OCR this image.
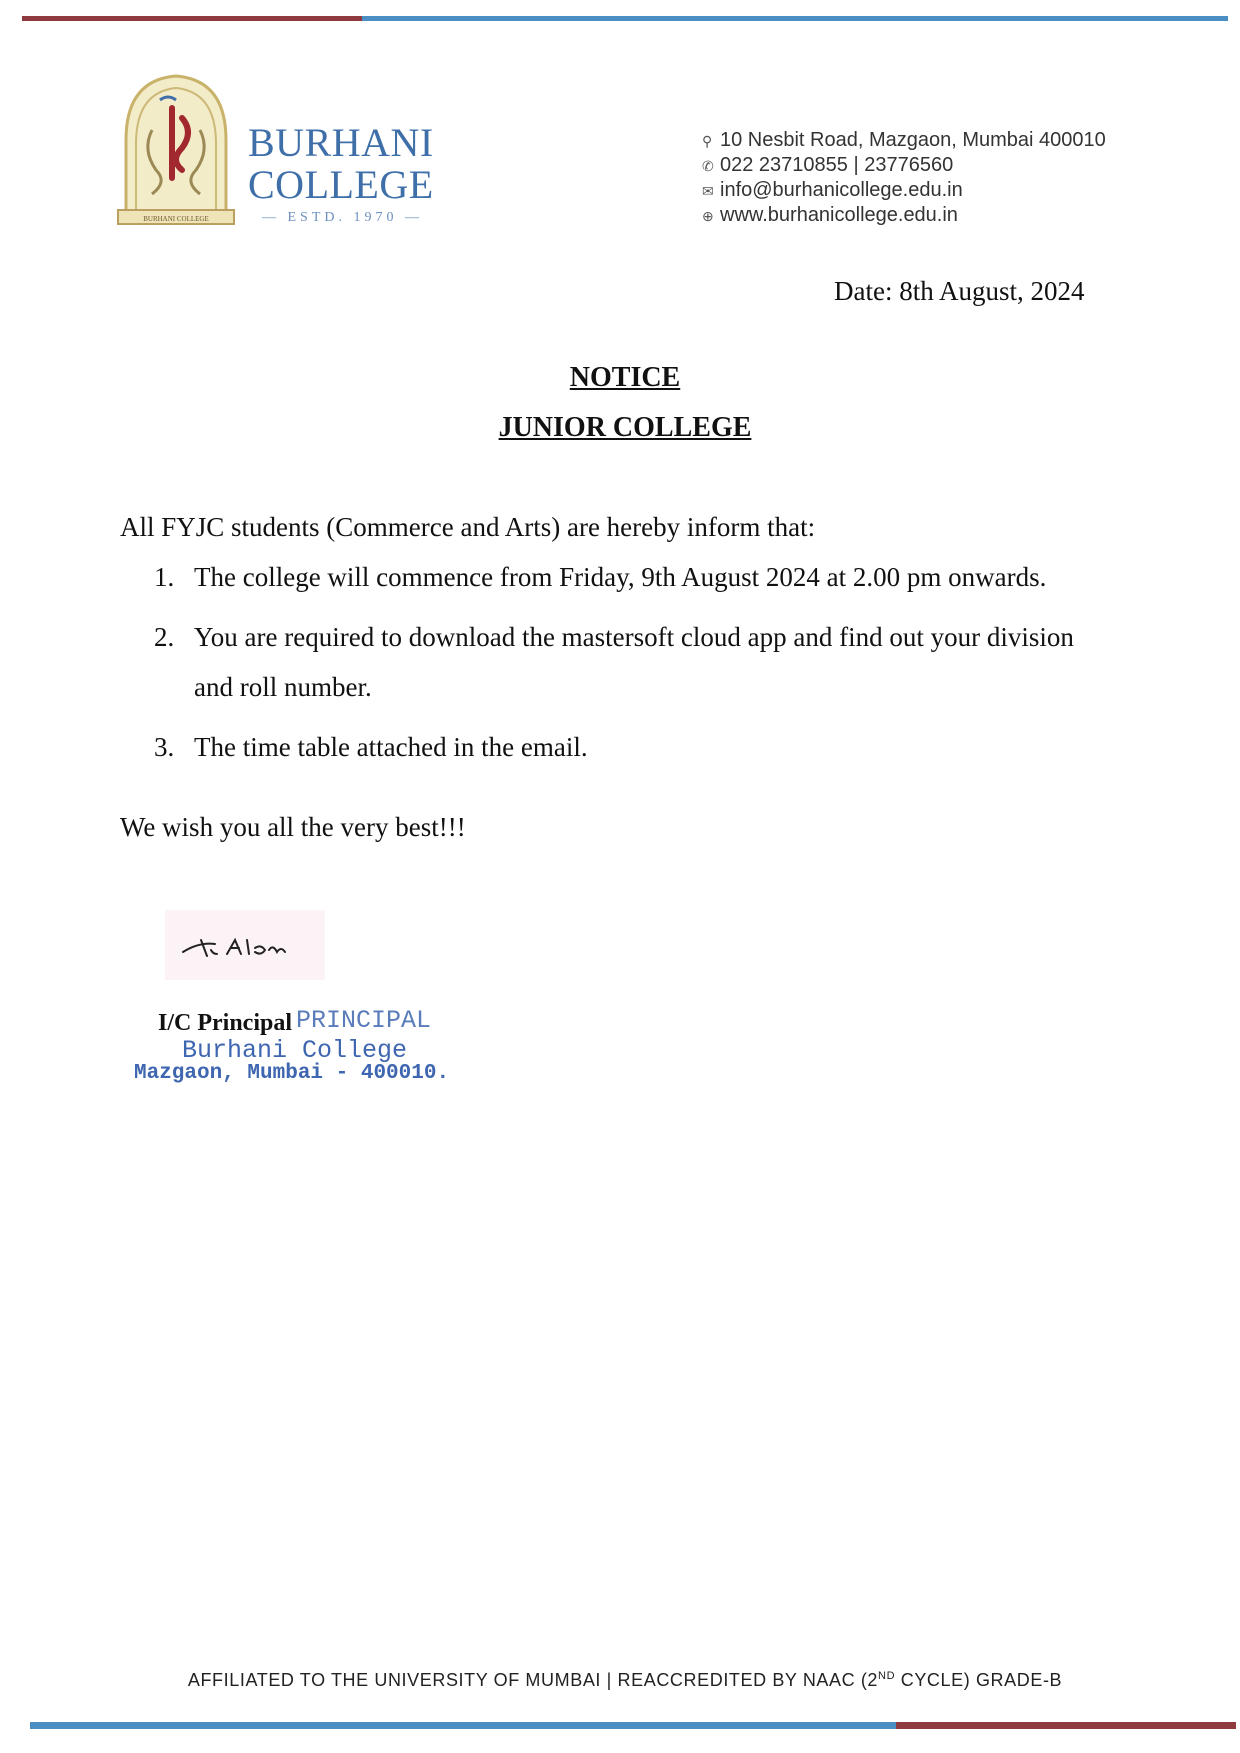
BURHANI COLLEGE
BURHANI
COLLEGE
— ESTD. 1970 —
⚲ 10 Nesbit Road, Mazgaon, Mumbai 400010
✆ 022 23710855 | 23776560
✉ info@burhanicollege.edu.in
⊕ www.burhanicollege.edu.in
Date: 8th August, 2024
NOTICE
JUNIOR COLLEGE
All FYJC students (Commerce and Arts) are hereby inform that:
1. The college will commence from Friday, 9th August 2024 at 2.00 pm onwards.
2. You are required to download the mastersoft cloud app and find out your division and roll number.
3. The time table attached in the email.
We wish you all the very best!!!
PRINCIPAL
Burhani College
Mazgaon, Mumbai - 400010.
I/C Principal
AFFILIATED TO THE UNIVERSITY OF MUMBAI | REACCREDITED BY NAAC (2ND CYCLE) GRADE-B
